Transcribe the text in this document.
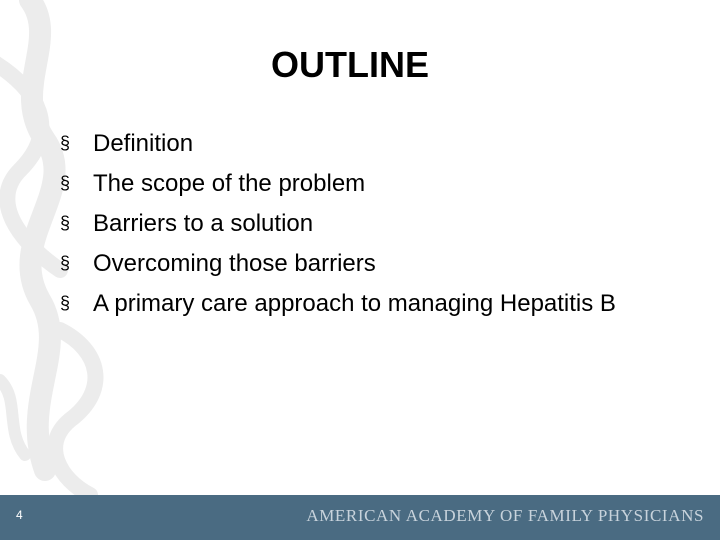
OUTLINE
§ Definition
§ The scope of the problem
§ Barriers to a solution
§ Overcoming those barriers
§ A primary care approach to managing Hepatitis B
4	AMERICAN ACADEMY OF FAMILY PHYSICIANS
